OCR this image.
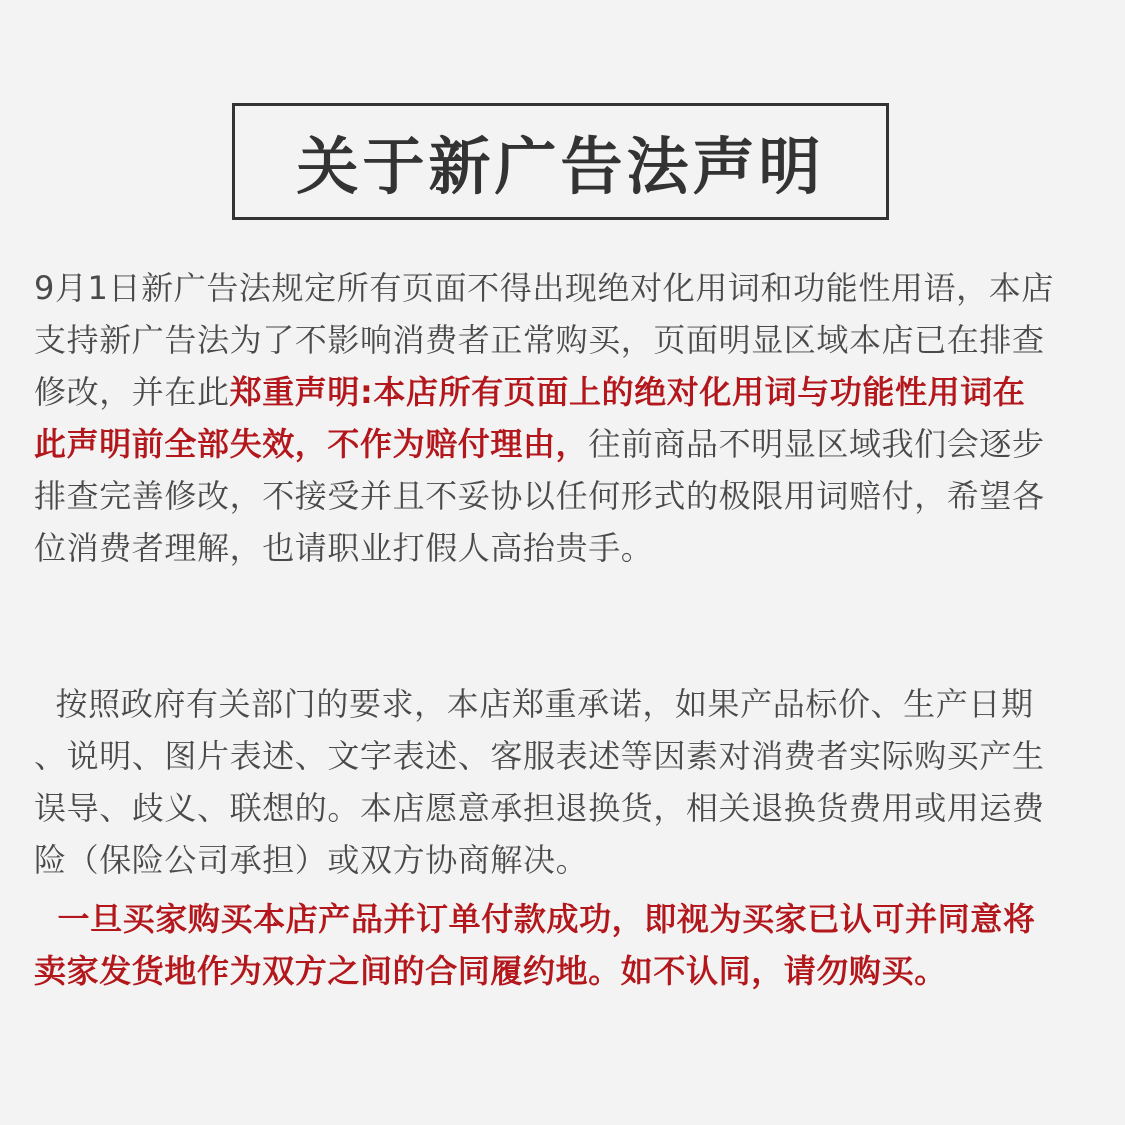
关于新广告法声明
9月1日新广告法规定所有页面不得出现绝对化用词和功能性用语，本店
支持新广告法为了不影响消费者正常购买，页面明显区域本店已在排查
修改，并在此郑重声明:本店所有页面上的绝对化用词与功能性用词在
此声明前全部失效，不作为赔付理由，往前商品不明显区域我们会逐步
排查完善修改，不接受并且不妥协以任何形式的极限用词赔付，希望各
位消费者理解，也请职业打假人高抬贵手。
按照政府有关部门的要求，本店郑重承诺，如果产品标价、生产日期
、说明、图片表述、文字表述、客服表述等因素对消费者实际购买产生
误导、歧义、联想的。本店愿意承担退换货，相关退换货费用或用运费
险（保险公司承担）或双方协商解决。
一旦买家购买本店产品并订单付款成功，即视为买家已认可并同意将
卖家发货地作为双方之间的合同履约地。如不认同，请勿购买。
